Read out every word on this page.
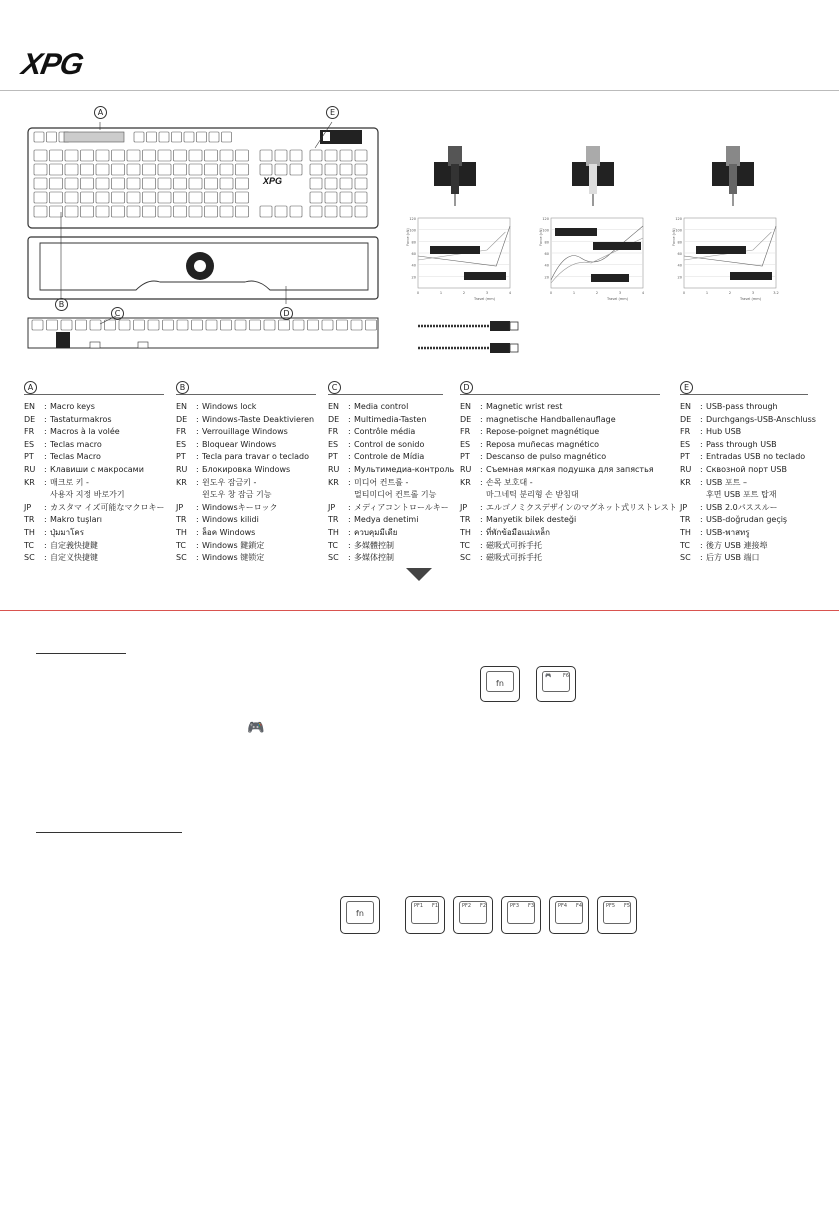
XPG
XPG
A	E
B
C	D
120
100
80
60
40
20
0	1	2	3	4
Travel (mm)
Force (cN)
120
100
80
60
40
20
0	1	2	3	4
Travel (mm)
Force (cN)
120
100
80
60
40
20
0	1	2	3	3.2
Travel (mm)
Force (cN)
A
EN	: Macro keys
DE	: Tastaturmakros
FR	: Macros à la volée
ES	: Teclas macro
PT	: Teclas Macro
RU	: Клавиши с макросами
KR	: 매크로 키 -
사용자 지정 바로가기
JP	: カスタマ イズ可能なマクロキー
TR	: Makro tuşları
TH	: ปุ่มมาโคร
TC	: 自定義快捷鍵
SC	: 自定义快捷键
B
EN	: Windows lock
DE	: Windows-Taste Deaktivieren
FR	: Verrouillage Windows
ES	: Bloquear Windows
PT	: Tecla para travar o teclado
RU	: Блокировка Windows
KR	: 윈도우 잠금키 -
윈도우 창 잠금 기능
JP	: Windowsキーロック
TR	: Windows kilidi
TH	: ล็อค Windows
TC	: Windows 鍵鎖定
SC	: Windows 键锁定
C
EN	: Media control
DE	: Multimedia-Tasten
FR	: Contrôle média
ES	: Control de sonido
PT	: Controle de Mídia
RU	: Мультимедиа-контроль
KR	: 미디어 컨트롤 -
멀티미디어 컨트롤 기능
JP	: メディアコントロールキー
TR	: Medya denetimi
TH	: ควบคุมมีเดีย
TC	: 多媒體控制
SC	: 多媒体控制
D
EN	: Magnetic wrist rest
DE	: magnetische Handballenauflage
FR	: Repose-poignet magnétique
ES	: Reposa muñecas magnético
PT	: Descanso de pulso magnético
RU	: Съемная мягкая подушка для запястья
KR	: 손목 보호대 -
마그네틱 분리형 손 받침대
JP	: エルゴノミクスデザインのマグネット式リストレスト
TR	: Manyetik bilek desteği
TH	: ที่พักข้อมือแม่เหล็ก
TC	: 磁吸式可拆手托
SC	: 磁吸式可拆手托
E
EN	: USB-pass through
DE	: Durchgangs-USB-Anschluss
FR	: Hub USB
ES	: Pass through USB
PT	: Entradas USB no teclado
RU	: Сквозной порт USB
KR	: USB 포트 –
후면 USB 포트 탑재
JP	: USB 2.0パススルー
TR	: USB-doğrudan geçiş
TH	: USB-พาสทรู
TC	: 後方 USB 連接埠
SC	: 后方 USB 端口
fn
🎮 F6
🎮
fn
PF1 F1	PF2 F2	PF3 F3	PF4 F4	PF5 F5
